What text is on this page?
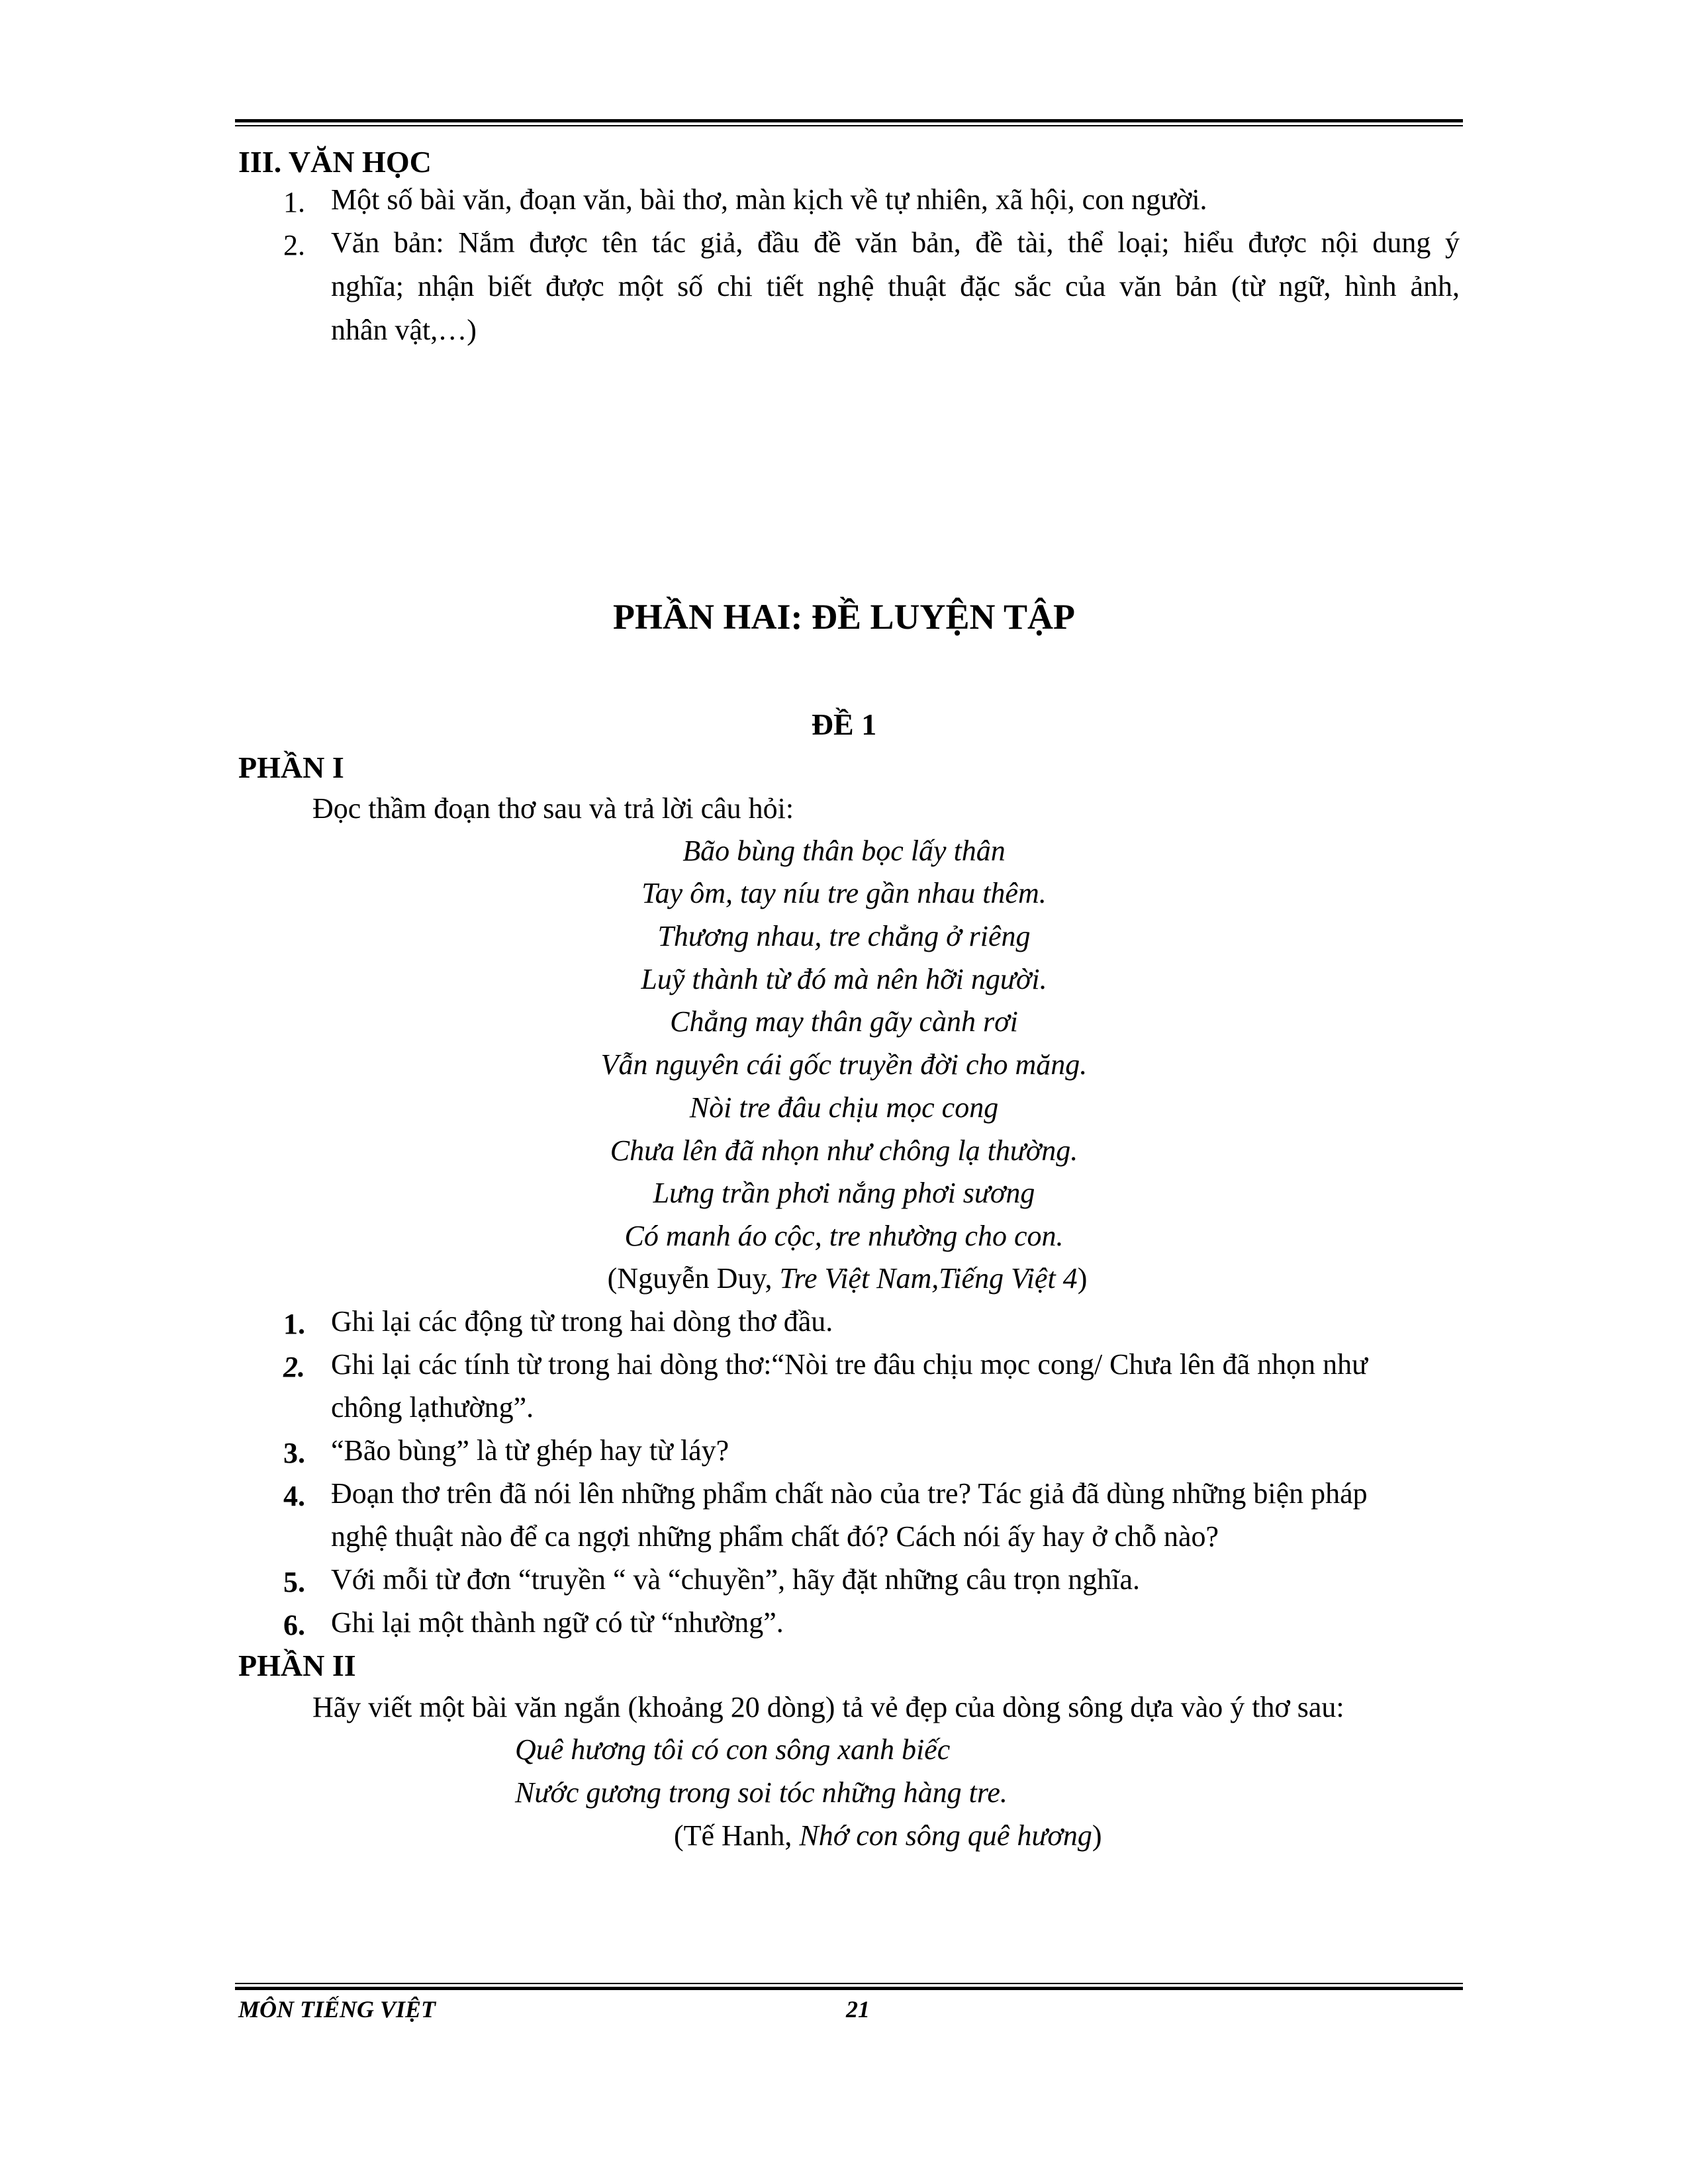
III. VĂN HỌC
1. Một số bài văn, đoạn văn, bài thơ, màn kịch về tự nhiên, xã hội, con người.
2. Văn bản: Nắm được tên tác giả, đầu đề văn bản, đề tài, thể loại; hiểu được nội dung ý
nghĩa; nhận biết được một số chi tiết nghệ thuật đặc sắc của văn bản (từ ngữ, hình ảnh,
nhân vật,…)
PHẦN HAI: ĐỀ LUYỆN TẬP
ĐỀ 1
PHẦN I
Đọc thầm đoạn thơ sau và trả lời câu hỏi:
Bão bùng thân bọc lấy thân
Tay ôm, tay níu tre gần nhau thêm.
Thương nhau, tre chẳng ở riêng
Luỹ thành từ đó mà nên hỡi người.
Chẳng may thân gãy cành rơi
Vẫn nguyên cái gốc truyền đời cho măng.
Nòi tre đâu chịu mọc cong
Chưa lên đã nhọn như chông lạ thường.
Lưng trần phơi nắng phơi sương
Có manh áo cộc, tre nhường cho con.
(Nguyễn Duy, Tre Việt Nam,Tiếng Việt 4)
1. Ghi lại các động từ trong hai dòng thơ đầu.
2. Ghi lại các tính từ trong hai dòng thơ:“Nòi tre đâu chịu mọc cong/ Chưa lên đã nhọn như
chông lạthường”.
3. “Bão bùng” là từ ghép hay từ láy?
4. Đoạn thơ trên đã nói lên những phẩm chất nào của tre? Tác giả đã dùng những biện pháp
nghệ thuật nào để ca ngợi những phẩm chất đó? Cách nói ấy hay ở chỗ nào?
5. Với mỗi từ đơn “truyền “ và “chuyền”, hãy đặt những câu trọn nghĩa.
6. Ghi lại một thành ngữ có từ “nhường”.
PHẦN II
Hãy viết một bài văn ngắn (khoảng 20 dòng) tả vẻ đẹp của dòng sông dựa vào ý thơ sau:
Quê hương tôi có con sông xanh biếc
Nước gương trong soi tóc những hàng tre.
(Tế Hanh, Nhớ con sông quê hương)
MÔN TIẾNG VIỆT	21
